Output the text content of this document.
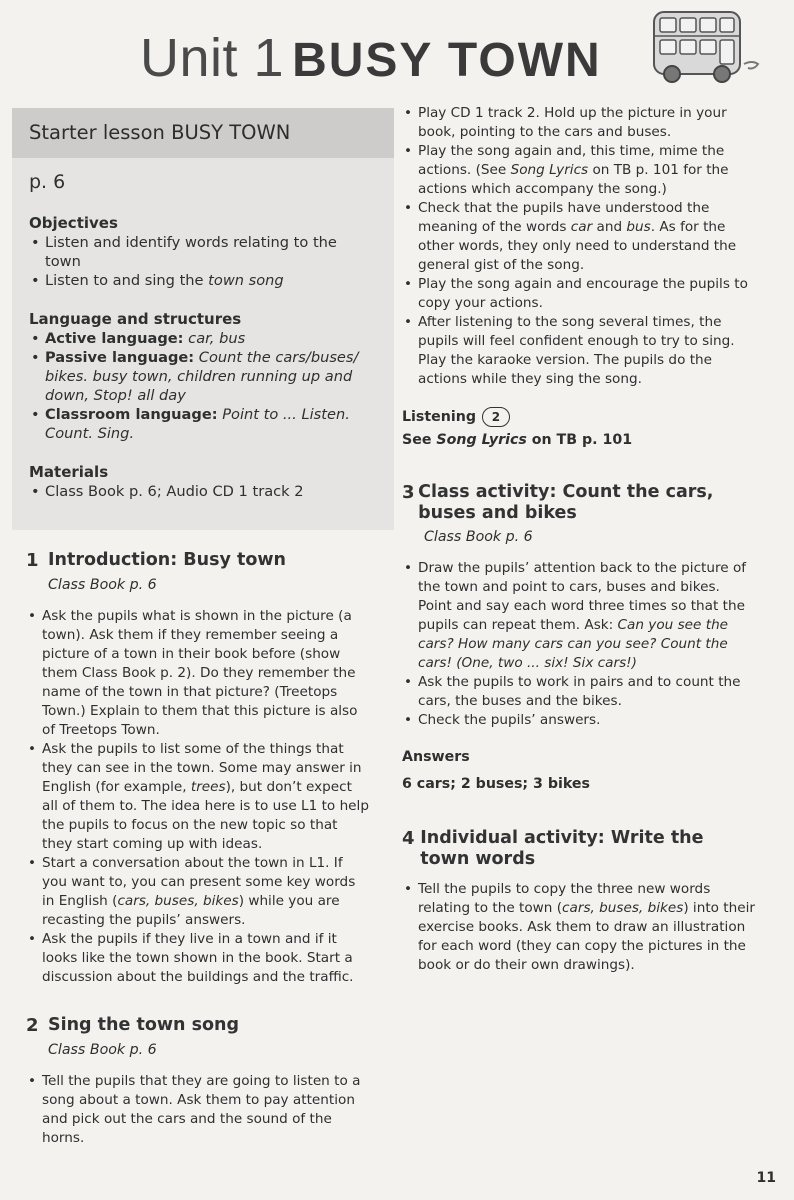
Unit 1 BUSY TOWN
Starter lesson BUSY TOWN

p. 6

Objectives
• Listen and identify words relating to the town
• Listen to and sing the town song
Language and structures
• Active language: car, bus
• Passive language: Count the cars/buses/ bikes. busy town, children running up and down, Stop! all day
• Classroom language: Point to ... Listen. Count. Sing.
Materials
• Class Book p. 6; Audio CD 1 track 2
1 Introduction: Busy town
Class Book p. 6
• Ask the pupils what is shown in the picture (a town). Ask them if they remember seeing a picture of a town in their book before (show them Class Book p. 2). Do they remember the name of the town in that picture? (Treetops Town.) Explain to them that this picture is also of Treetops Town.
• Ask the pupils to list some of the things that they can see in the town. Some may answer in English (for example, trees), but don’t expect all of them to. The idea here is to use L1 to help the pupils to focus on the new topic so that they start coming up with ideas.
• Start a conversation about the town in L1. If you want to, you can present some key words in English (cars, buses, bikes) while you are recasting the pupils’ answers.
• Ask the pupils if they live in a town and if it looks like the town shown in the book. Start a discussion about the buildings and the traffic.
2 Sing the town song
Class Book p. 6
• Tell the pupils that they are going to listen to a song about a town. Ask them to pay attention and pick out the cars and the sound of the horns.
• Play CD 1 track 2. Hold up the picture in your book, pointing to the cars and buses.
• Play the song again and, this time, mime the actions. (See Song Lyrics on TB p. 101 for the actions which accompany the song.)
• Check that the pupils have understood the meaning of the words car and bus. As for the other words, they only need to understand the general gist of the song.
• Play the song again and encourage the pupils to copy your actions.
• After listening to the song several times, the pupils will feel confident enough to try to sing. Play the karaoke version. The pupils do the actions while they sing the song.
Listening 2
See Song Lyrics on TB p. 101
3 Class activity: Count the cars, buses and bikes
Class Book p. 6
• Draw the pupils’ attention back to the picture of the town and point to cars, buses and bikes. Point and say each word three times so that the pupils can repeat them. Ask: Can you see the cars? How many cars can you see? Count the cars! (One, two ... six! Six cars!)
• Ask the pupils to work in pairs and to count the cars, the buses and the bikes.
• Check the pupils’ answers.
Answers
6 cars; 2 buses; 3 bikes
4 Individual activity: Write the town words
• Tell the pupils to copy the three new words relating to the town (cars, buses, bikes) into their exercise books. Ask them to draw an illustration for each word (they can copy the pictures in the book or do their own drawings).
11
